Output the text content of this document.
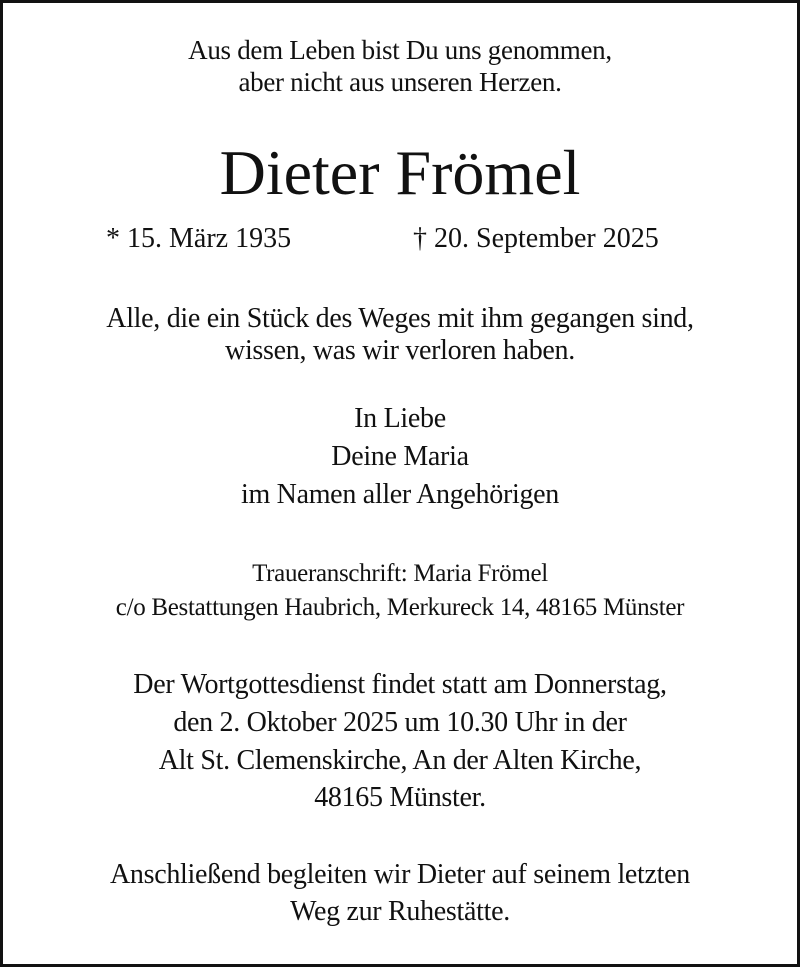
Aus dem Leben bist Du uns genommen,
aber nicht aus unseren Herzen.
Dieter Frömel
* 15. März 1935	† 20. September 2025
Alle, die ein Stück des Weges mit ihm gegangen sind,
wissen, was wir verloren haben.
In Liebe
Deine Maria
im Namen aller Angehörigen
Traueranschrift: Maria Frömel
c/o Bestattungen Haubrich, Merkureck 14, 48165 Münster
Der Wortgottesdienst findet statt am Donnerstag,
den 2. Oktober 2025 um 10.30 Uhr in der
Alt St. Clemenskirche, An der Alten Kirche,
48165 Münster.
Anschließend begleiten wir Dieter auf seinem letzten
Weg zur Ruhestätte.
